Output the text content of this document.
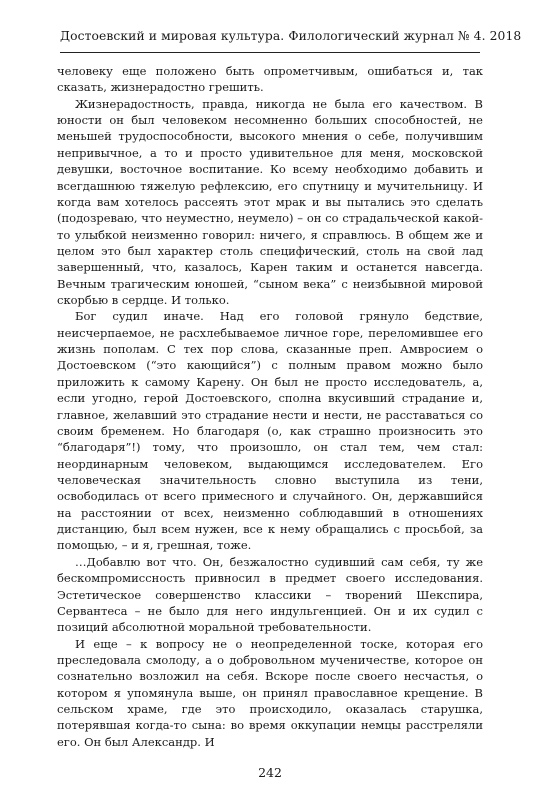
Достоевский и мировая культура. Филологический журнал № 4. 2018

человеку еще положено быть опрометчивым, ошибаться и, так сказать, жизнерадостно грешить.

Жизнерадостность, правда, никогда не была его качеством. В юности он был человеком несомненно больших способностей, не меньшей трудоспособности, высокого мнения о себе, получившим непривычное, а то и просто удивительное для меня, московской девушки, восточное воспитание. Ко всему необходимо добавить и всегдашнюю тяжелую рефлексию, его спутницу и мучительницу. И когда вам хотелось рассеять этот мрак и вы пытались это сделать (подозреваю, что неуместно, неумело) – он со страдальческой какой-то улыбкой неизменно говорил: ничего, я справлюсь. В общем же и целом это был характер столь специфический, столь на свой лад завершенный, что, казалось, Карен таким и останется навсегда. Вечным трагическим юношей, “сыном века” с неизбывной мировой скорбью в сердце. И только.

Бог судил иначе. Над его головой грянуло бедствие, неисчерпаемое, не расхлебываемое личное горе, переломившее его жизнь пополам. С тех пор слова, сказанные преп. Амвросием о Достоевском (“это кающийся”) с полным правом можно было приложить к самому Карену. Он был не просто исследователь, а, если угодно, герой Достоевского, сполна вкусивший страдание и, главное, желавший это страдание нести и нести, не расставаться со своим бременем. Но благодаря (о, как страшно произносить это “благодаря”!) тому, что произошло, он стал тем, чем стал: неординарным человеком, выдающимся исследователем. Его человеческая значительность словно выступила из тени, освободилась от всего примесного и случайного. Он, державшийся на расстоянии от всех, неизменно соблюдавший в отношениях дистанцию, был всем нужен, все к нему обращались с просьбой, за помощью, – и я, грешная, тоже.

…Добавлю вот что. Он, безжалостно судивший сам себя, ту же бескомпромиссность привносил в предмет своего исследования. Эстетическое совершенство классики – творений Шекспира, Сервантеса – не было для него индульгенцией. Он и их судил с позиций абсолютной моральной требовательности.

И еще – к вопросу не о неопределенной тоске, которая его преследовала смолоду, а о добровольном мученичестве, которое он сознательно возложил на себя. Вскоре после своего несчастья, о котором я упомянула выше, он принял православное крещение. В сельском храме, где это происходило, оказалась старушка, потерявшая когда-то сына: во время оккупации немцы расстреляли его. Он был Александр. И

242
